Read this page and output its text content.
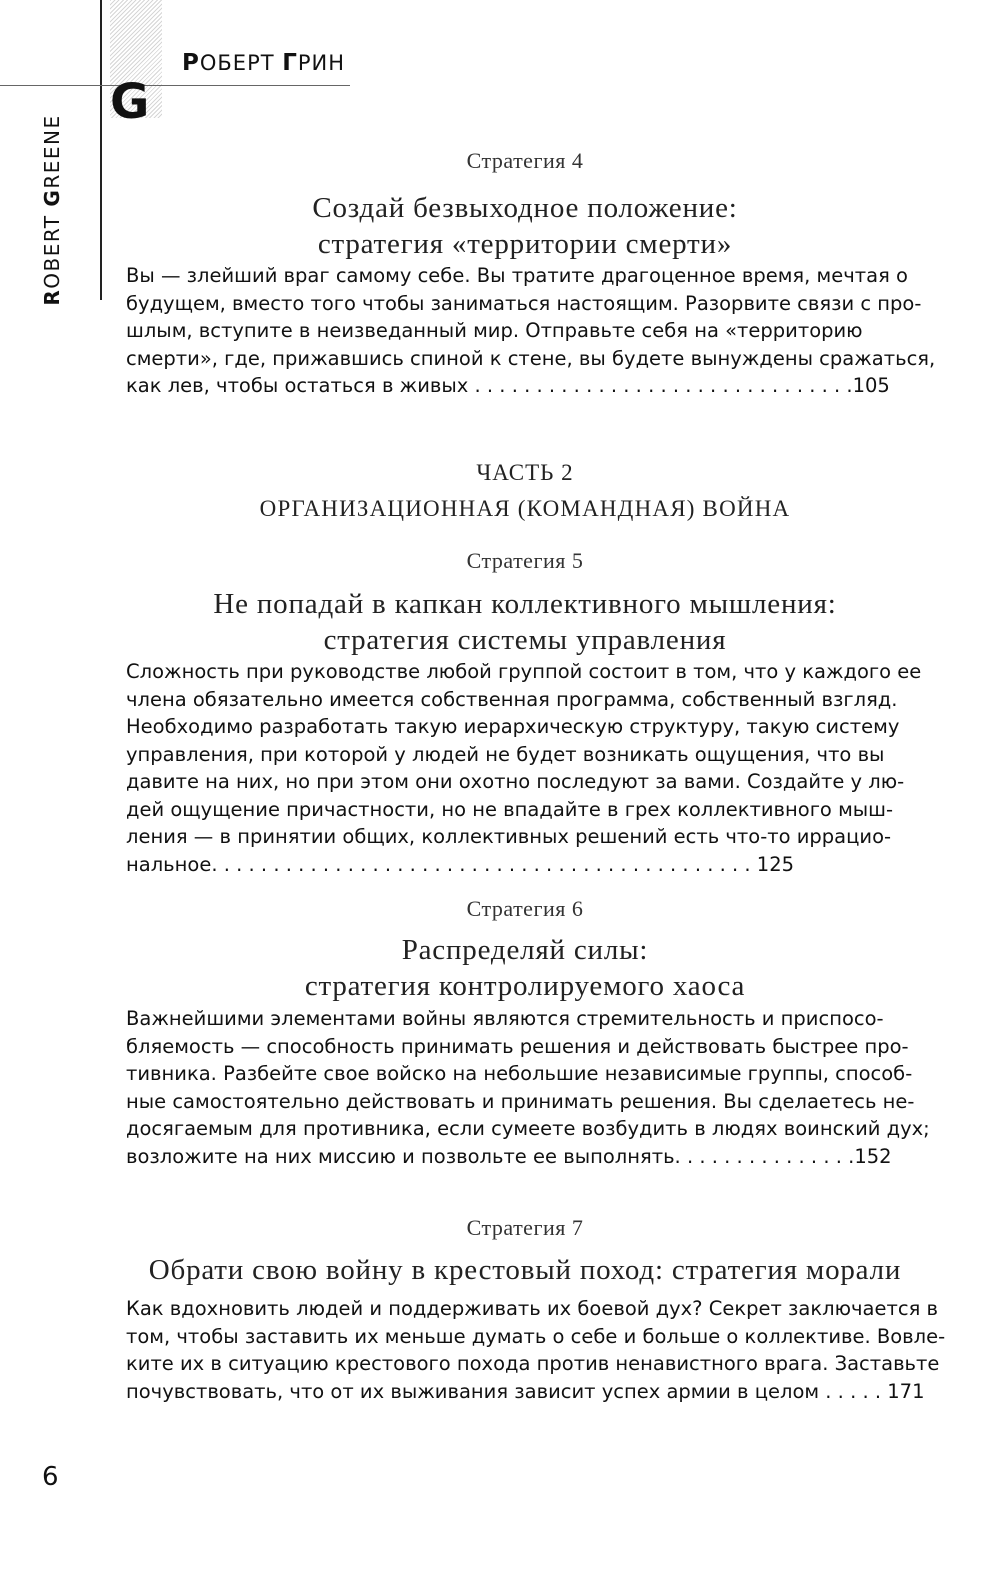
РОБЕРТ ГРИН
G
ROBERT GREENE	Стратегия 4
Создай безвыходное положение:
стратегия «территории смерти»
Вы — злейший враг самому себе. Вы тратите драгоценное время, мечтая о
будущем, вместо того чтобы заниматься настоящим. Разорвите связи с про-
шлым, вступите в неизведанный мир. Отправьте себя на «территорию
смерти», где, прижавшись спиной к стене, вы будете вынуждены сражаться,
как лев, чтобы остаться в живых . . . . . . . . . . . . . . . . . . . . . . . . . . . . . . .105
ЧАСТЬ 2
ОРГАНИЗАЦИОННАЯ (КОМАНДНАЯ) ВОЙНА
Стратегия 5
Не попадай в капкан коллективного мышления:
стратегия системы управления
Сложность при руководстве любой группой состоит в том, что у каждого ее
члена обязательно имеется собственная программа, собственный взгляд.
Необходимо разработать такую иерархическую структуру, такую систему
управления, при которой у людей не будет возникать ощущения, что вы
давите на них, но при этом они охотно последуют за вами. Создайте у лю-
дей ощущение причастности, но не впадайте в грех коллективного мыш-
ления — в принятии общих, коллективных решений есть что-то иррацио-
нальное. . . . . . . . . . . . . . . . . . . . . . . . . . . . . . . . . . . . . . . . . . . . 125
Стратегия 6
Распределяй силы:
стратегия контролируемого хаоса
Важнейшими элементами войны являются стремительность и приспосо-
бляемость — способность принимать решения и действовать быстрее про-
тивника. Разбейте свое войско на небольшие независимые группы, способ-
ные самостоятельно действовать и принимать решения. Вы сделаетесь не-
досягаемым для противника, если сумеете возбудить в людях воинский дух;
возложите на них миссию и позвольте ее выполнять. . . . . . . . . . . . . . .152
Стратегия 7
Обрати свою войну в крестовый поход: стратегия морали
Как вдохновить людей и поддерживать их боевой дух? Секрет заключается в
том, чтобы заставить их меньше думать о себе и больше о коллективе. Вовле-
ките их в ситуацию крестового похода против ненавистного врага. Заставьте
почувствовать, что от их выживания зависит успех армии в целом . . . . . 171
6
